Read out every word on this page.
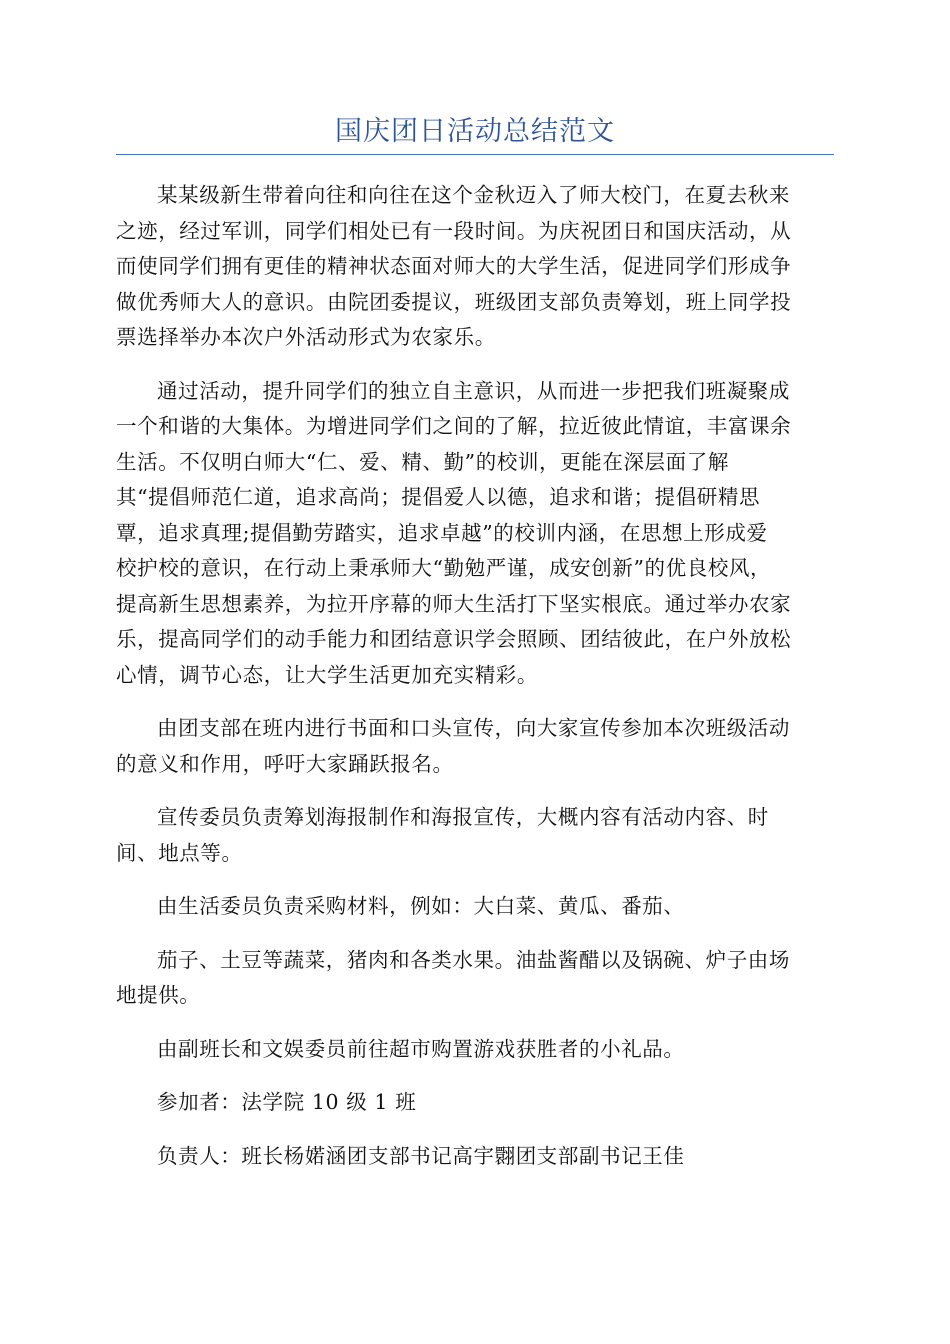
国庆团日活动总结范文
某某级新生带着向往和向往在这个金秋迈入了师大校门，在夏去秋来
之迹，经过军训，同学们相处已有一段时间。为庆祝团日和国庆活动，从
而使同学们拥有更佳的精神状态面对师大的大学生活，促进同学们形成争
做优秀师大人的意识。由院团委提议，班级团支部负责筹划，班上同学投
票选择举办本次户外活动形式为农家乐。
通过活动，提升同学们的独立自主意识，从而进一步把我们班凝聚成
一个和谐的大集体。为增进同学们之间的了解，拉近彼此情谊，丰富课余
生活。不仅明白师大“仁、爱、精、勤”的校训，更能在深层面了解
其“提倡师范仁道，追求高尚；提倡爱人以德，追求和谐；提倡研精思
覃，追求真理;提倡勤劳踏实，追求卓越”的校训内涵，在思想上形成爱
校护校的意识，在行动上秉承师大“勤勉严谨，成安创新”的优良校风，
提高新生思想素养，为拉开序幕的师大生活打下坚实根底。通过举办农家
乐，提高同学们的动手能力和团结意识学会照顾、团结彼此，在户外放松
心情，调节心态，让大学生活更加充实精彩。
由团支部在班内进行书面和口头宣传，向大家宣传参加本次班级活动
的意义和作用，呼吁大家踊跃报名。
宣传委员负责筹划海报制作和海报宣传，大概内容有活动内容、时
间、地点等。
由生活委员负责采购材料，例如：大白菜、黄瓜、番茄、
茄子、土豆等蔬菜，猪肉和各类水果。油盐酱醋以及锅碗、炉子由场
地提供。
由副班长和文娱委员前往超市购置游戏获胜者的小礼品。
参加者：法学院 10 级 1 班
负责人：班长杨婼涵团支部书记高宇翾团支部副书记王佳
